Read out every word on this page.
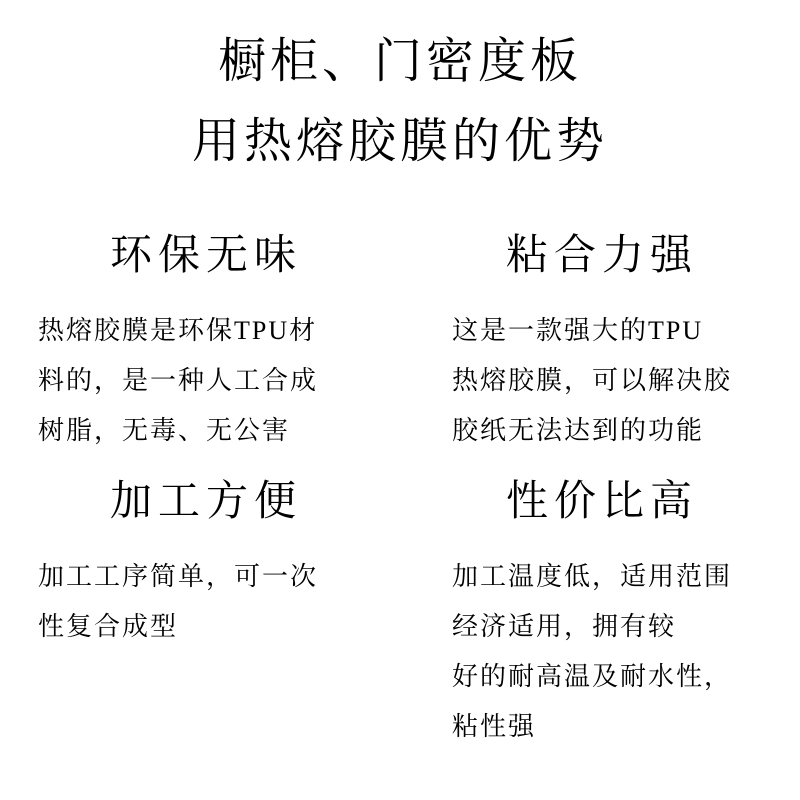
橱柜、门密度板
用热熔胶膜的优势
环保无味
热熔胶膜是环保TPU材
料的，是一种人工合成
树脂，无毒、无公害
粘合力强
这是一款强大的TPU
热熔胶膜，可以解决胶
胶纸无法达到的功能
加工方便
加工工序简单，可一次
性复合成型
性价比高
加工温度低，适用范围
经济适用，拥有较
好的耐高温及耐水性，
粘性强
